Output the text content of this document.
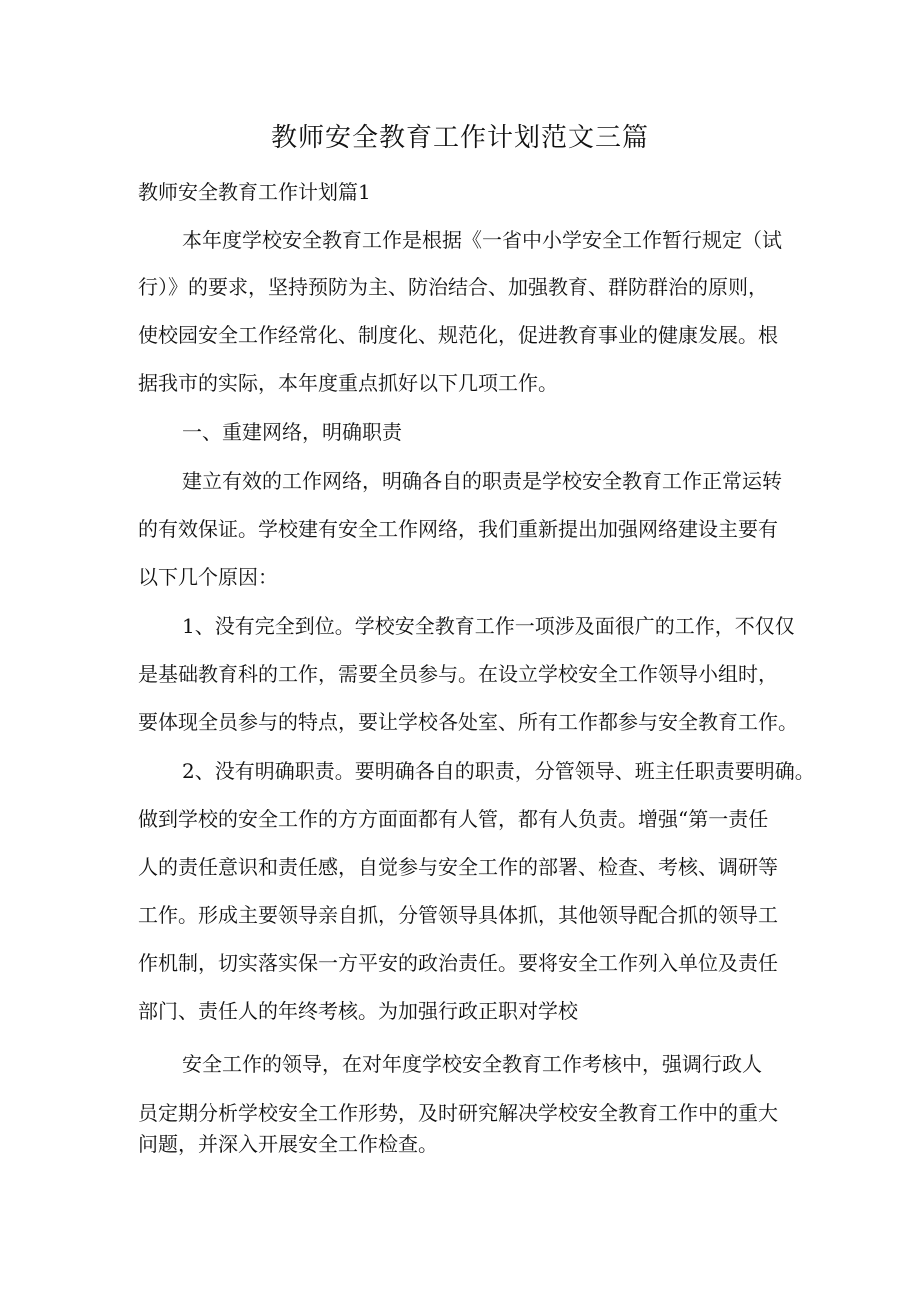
教师安全教育工作计划范文三篇

教师安全教育工作计划篇1

本年度学校安全教育工作是根据《一省中小学安全工作暂行规定（试

行）》的要求，坚持预防为主、防治结合、加强教育、群防群治的原则，

使校园安全工作经常化、制度化、规范化，促进教育事业的健康发展。根

据我市的实际，本年度重点抓好以下几项工作。

一、重建网络，明确职责

建立有效的工作网络，明确各自的职责是学校安全教育工作正常运转

的有效保证。学校建有安全工作网络，我们重新提出加强网络建设主要有

以下几个原因：

1、没有完全到位。学校安全教育工作一项涉及面很广的工作，不仅仅

是基础教育科的工作，需要全员参与。在设立学校安全工作领导小组时，

要体现全员参与的特点，要让学校各处室、所有工作都参与安全教育工作。

2、没有明确职责。要明确各自的职责，分管领导、班主任职责要明确。

做到学校的安全工作的方方面面都有人管，都有人负责。增强“第一责任

人的责任意识和责任感，自觉参与安全工作的部署、检查、考核、调研等

工作。形成主要领导亲自抓，分管领导具体抓，其他领导配合抓的领导工

作机制，切实落实保一方平安的政治责任。要将安全工作列入单位及责任

部门、责任人的年终考核。为加强行政正职对学校

安全工作的领导，在对年度学校安全教育工作考核中，强调行政人

员定期分析学校安全工作形势，及时研究解决学校安全教育工作中的重大

问题，并深入开展安全工作检查。
